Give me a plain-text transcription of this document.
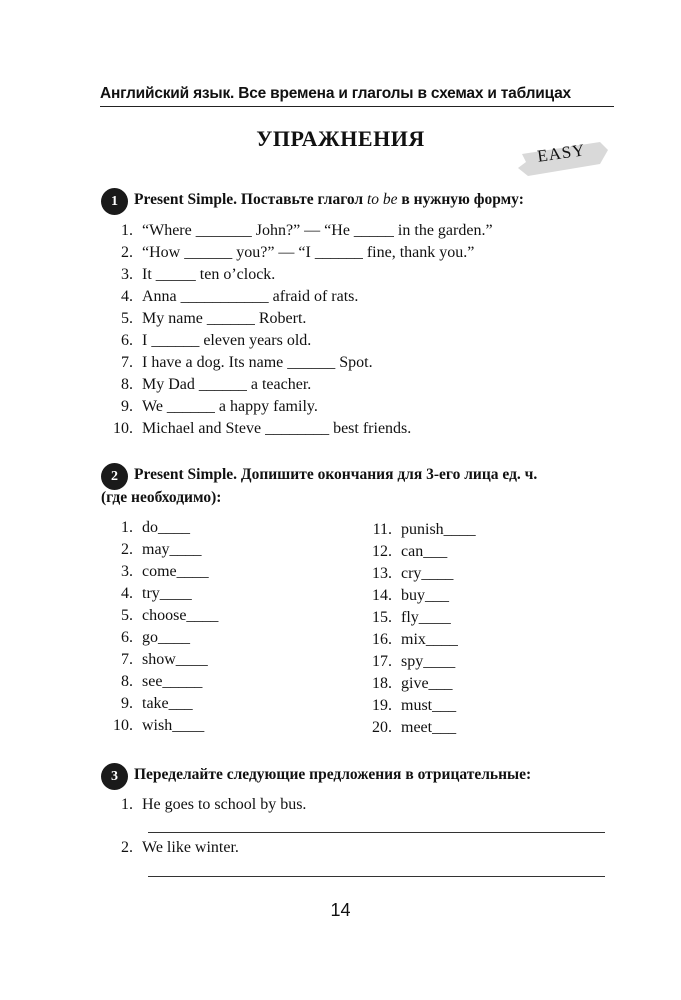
Английский язык. Все времена и глаголы в схемах и таблицах
УПРАЖНЕНИЯ
EASY
1	Present Simple. Поставьте глагол to be в нужную форму:
1. “Where _______ John?” — “He _____ in the garden.”
2. “How ______ you?” — “I ______ fine, thank you.”
3. It _____ ten o’clock.
4. Anna ___________ afraid of rats.
5. My name ______ Robert.
6. I ______ eleven years old.
7. I have a dog. Its name ______ Spot.
8. My Dad ______ a teacher.
9. We ______ a happy family.
10. Michael and Steve ________ best friends.
2	Present Simple. Допишите окончания для 3-его лица ед. ч.
(где необходимо):
1. do____
2. may____
3. come____
4. try____
5. choose____
6. go____
7. show____
8. see_____
9. take___
10. wish____
11. punish____
12. can___
13. cry____
14. buy___
15. fly____
16. mix____
17. spy____
18. give___
19. must___
20. meet___
3	Переделайте следующие предложения в отрицательные:
1. He goes to school by bus.
2. We like winter.
14
